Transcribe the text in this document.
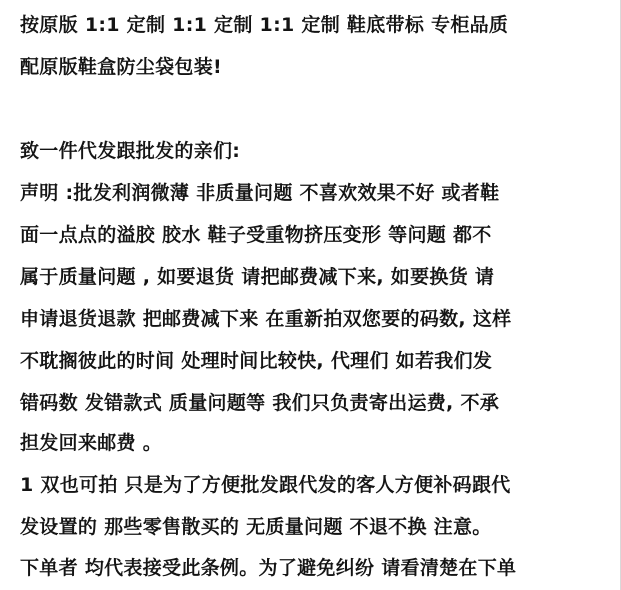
按原版 1:1 定制 1:1 定制 1:1 定制 鞋底带标 专柜品质
配原版鞋盒防尘袋包装!
致一件代发跟批发的亲们:
声明 :批发利润微薄 非质量问题 不喜欢效果不好 或者鞋
面一点点的溢胶 胶水 鞋子受重物挤压变形 等问题 都不
属于质量问题 , 如要退货 请把邮费减下来, 如要换货 请
申请退货退款 把邮费减下来 在重新拍双您要的码数, 这样
不耽搁彼此的时间 处理时间比较快, 代理们 如若我们发
错码数 发错款式 质量问题等 我们只负责寄出运费, 不承
担发回来邮费 。
1 双也可拍 只是为了方便批发跟代发的客人方便补码跟代
发设置的 那些零售散买的 无质量问题 不退不换 注意。
下单者 均代表接受此条例。为了避免纠纷 请看清楚在下单
